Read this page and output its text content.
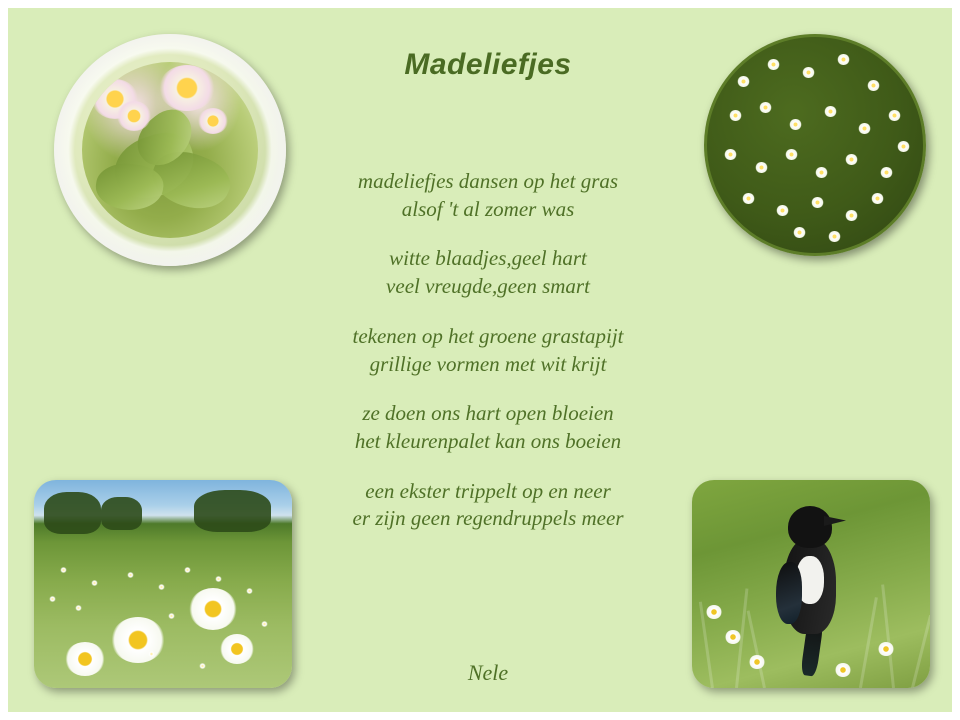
Madeliefjes
madeliefjes dansen op het gras
alsof 't al zomer was
witte blaadjes,geel hart
veel vreugde,geen smart
tekenen op het groene grastapijt
grillige vormen met wit krijt
ze doen ons hart open bloeien
het kleurenpalet kan ons boeien
een ekster trippelt op en neer
er zijn geen regendruppels meer
Nele
